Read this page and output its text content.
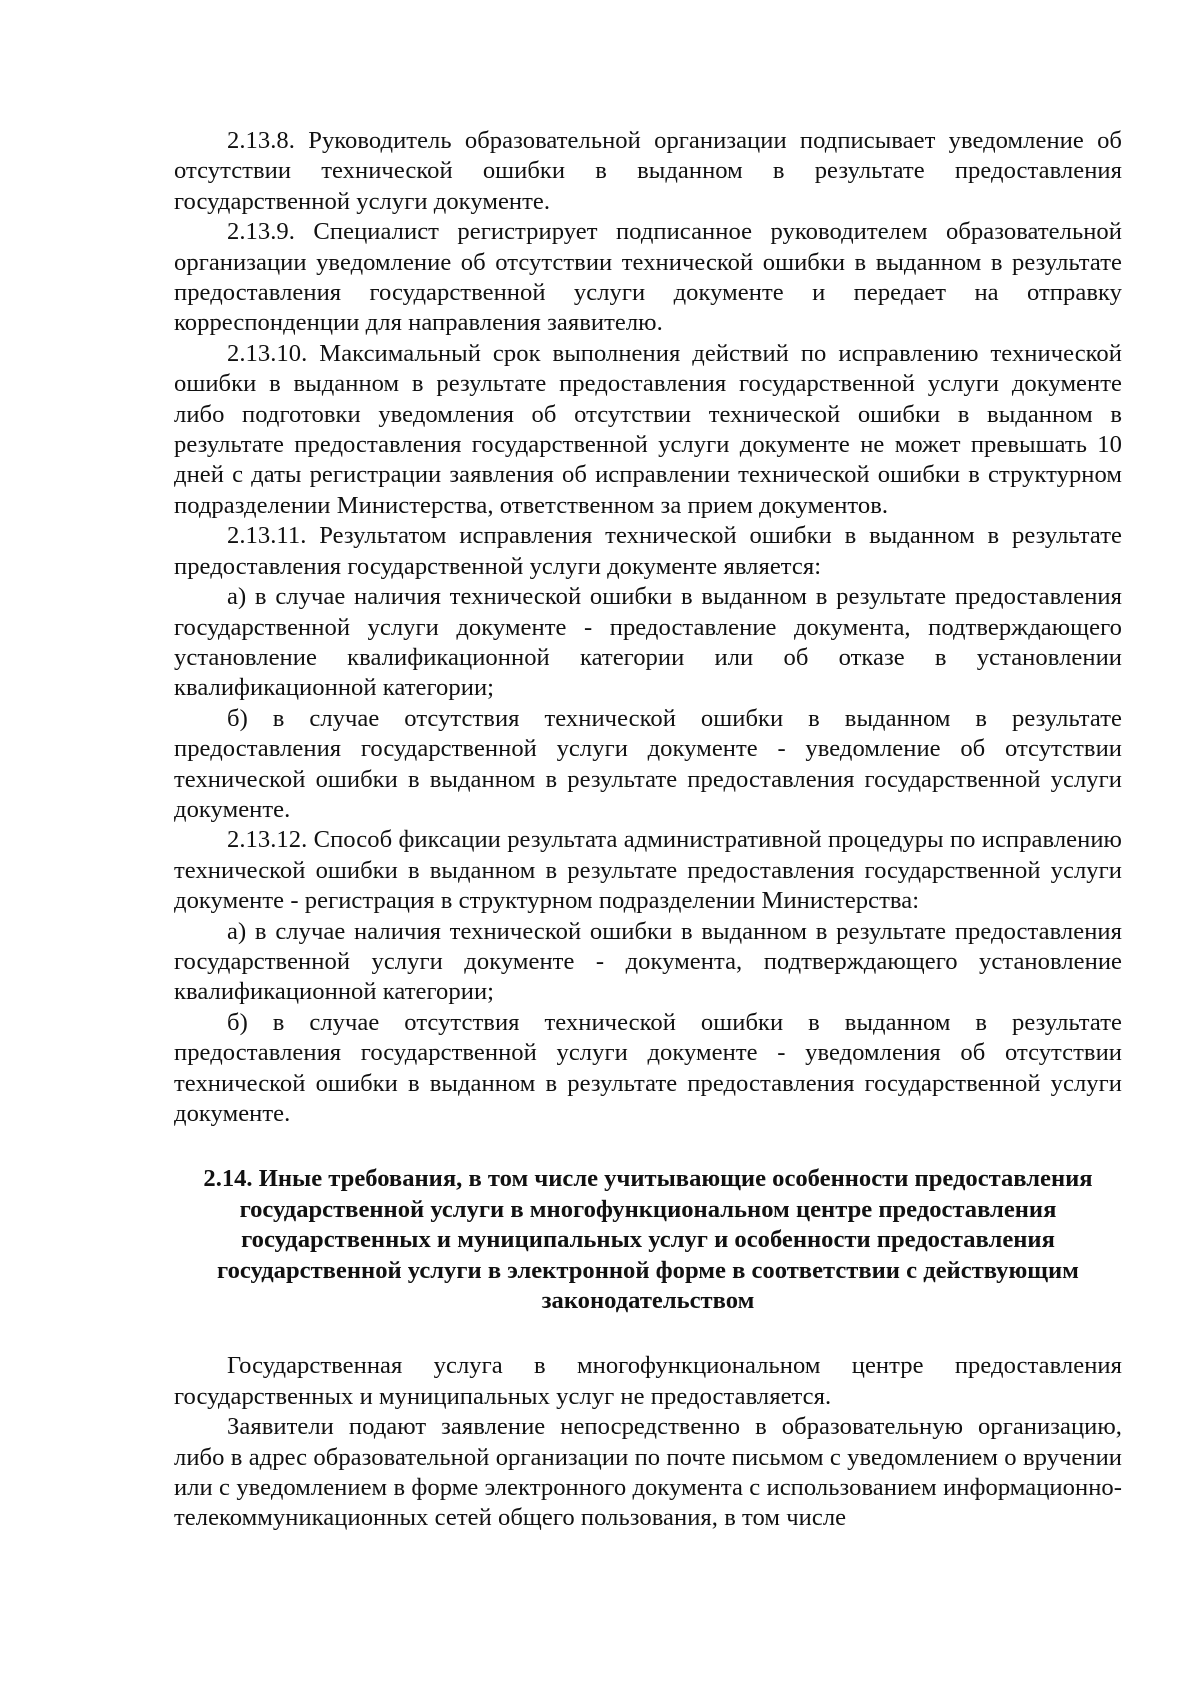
2.13.8. Руководитель образовательной организации подписывает уведомление об отсутствии технической ошибки в выданном в результате предоставления государственной услуги документе.

2.13.9. Специалист регистрирует подписанное руководителем образовательной организации уведомление об отсутствии технической ошибки в выданном в результате предоставления государственной услуги документе и передает на отправку корреспонденции для направления заявителю.

2.13.10. Максимальный срок выполнения действий по исправлению технической ошибки в выданном в результате предоставления государственной услуги документе либо подготовки уведомления об отсутствии технической ошибки в выданном в результате предоставления государственной услуги документе не может превышать 10 дней с даты регистрации заявления об исправлении технической ошибки в структурном подразделении Министерства, ответственном за прием документов.

2.13.11. Результатом исправления технической ошибки в выданном в результате предоставления государственной услуги документе является:

а) в случае наличия технической ошибки в выданном в результате предоставления государственной услуги документе - предоставление документа, подтверждающего установление квалификационной категории или об отказе в установлении квалификационной категории;

б) в случае отсутствия технической ошибки в выданном в результате предоставления государственной услуги документе - уведомление об отсутствии технической ошибки в выданном в результате предоставления государственной услуги документе.

2.13.12. Способ фиксации результата административной процедуры по исправлению технической ошибки в выданном в результате предоставления государственной услуги документе - регистрация в структурном подразделении Министерства:

а) в случае наличия технической ошибки в выданном в результате предоставления государственной услуги документе - документа, подтверждающего установление квалификационной категории;

б) в случае отсутствия технической ошибки в выданном в результате предоставления государственной услуги документе - уведомления об отсутствии технической ошибки в выданном в результате предоставления государственной услуги документе.

2.14. Иные требования, в том числе учитывающие особенности предоставления государственной услуги в многофункциональном центре предоставления государственных и муниципальных услуг и особенности предоставления государственной услуги в электронной форме в соответствии с действующим законодательством

Государственная услуга в многофункциональном центре предоставления государственных и муниципальных услуг не предоставляется.

Заявители подают заявление непосредственно в образовательную организацию, либо в адрес образовательной организации по почте письмом с уведомлением о вручении или с уведомлением в форме электронного документа с использованием информационно-телекоммуникационных сетей общего пользования, в том числе
